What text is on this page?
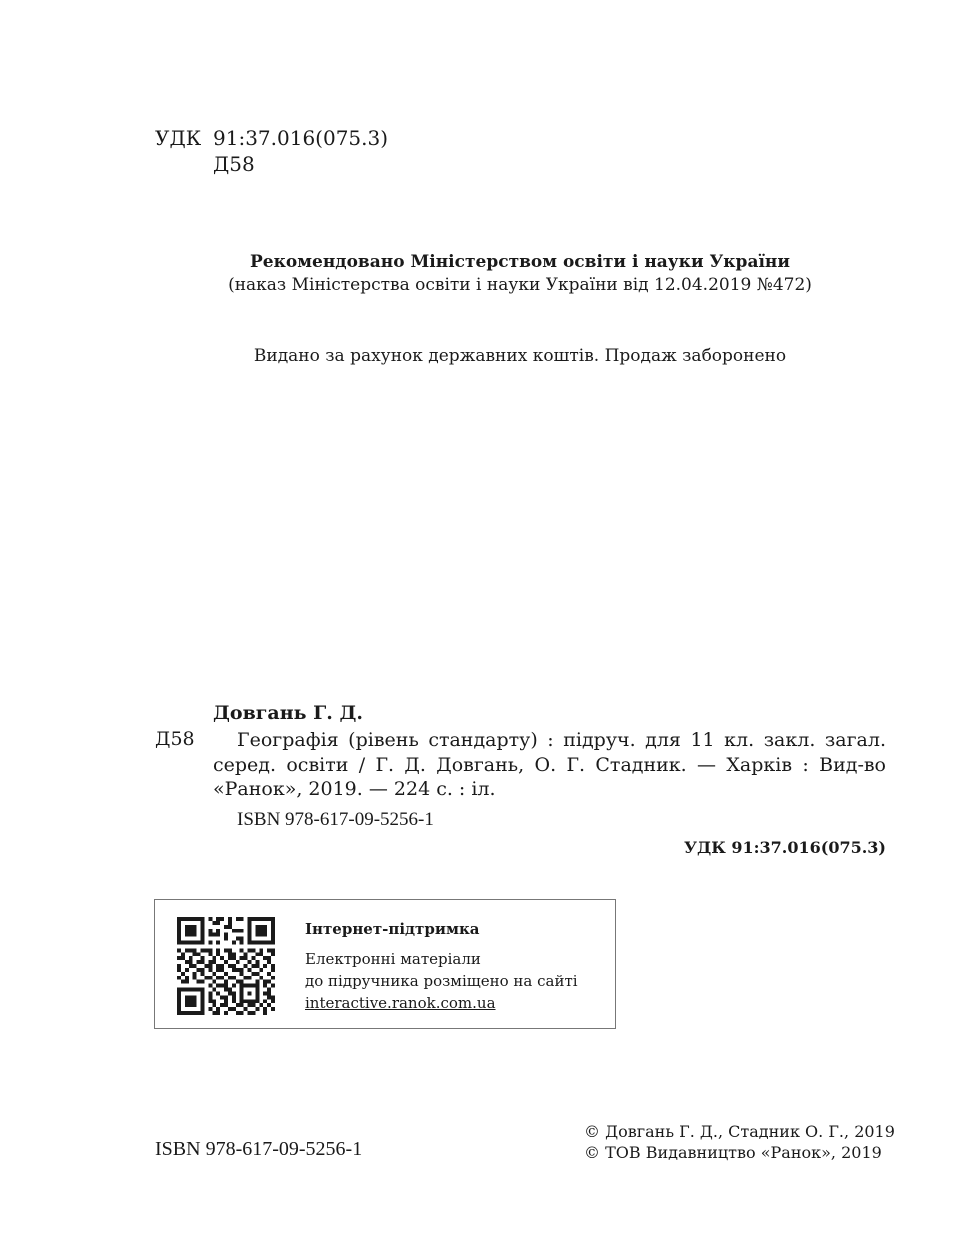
УДК 91:37.016(075.3)
Д58
Рекомендовано Міністерством освіти і науки України
(наказ Міністерства освіти і науки України від 12.04.2019 №472)
Видано за рахунок державних коштів. Продаж заборонено
Довгань Г. Д.
Д58	Географія (рівень стандарту) : підруч. для 11 кл. закл. загал. серед. освіти / Г. Д. Довгань, О. Г. Стадник. — Харків : Вид-во «Ранок», 2019. — 224 с. : іл.
ISBN 978-617-09-5256-1
УДК 91:37.016(075.3)
Інтернет-підтримка
Електронні матеріали
до підручника розміщено на сайті
interactive.ranok.com.ua
ISBN 978-617-09-5256-1
© Довгань Г. Д., Стадник О. Г., 2019
© ТОВ Видавництво «Ранок», 2019
